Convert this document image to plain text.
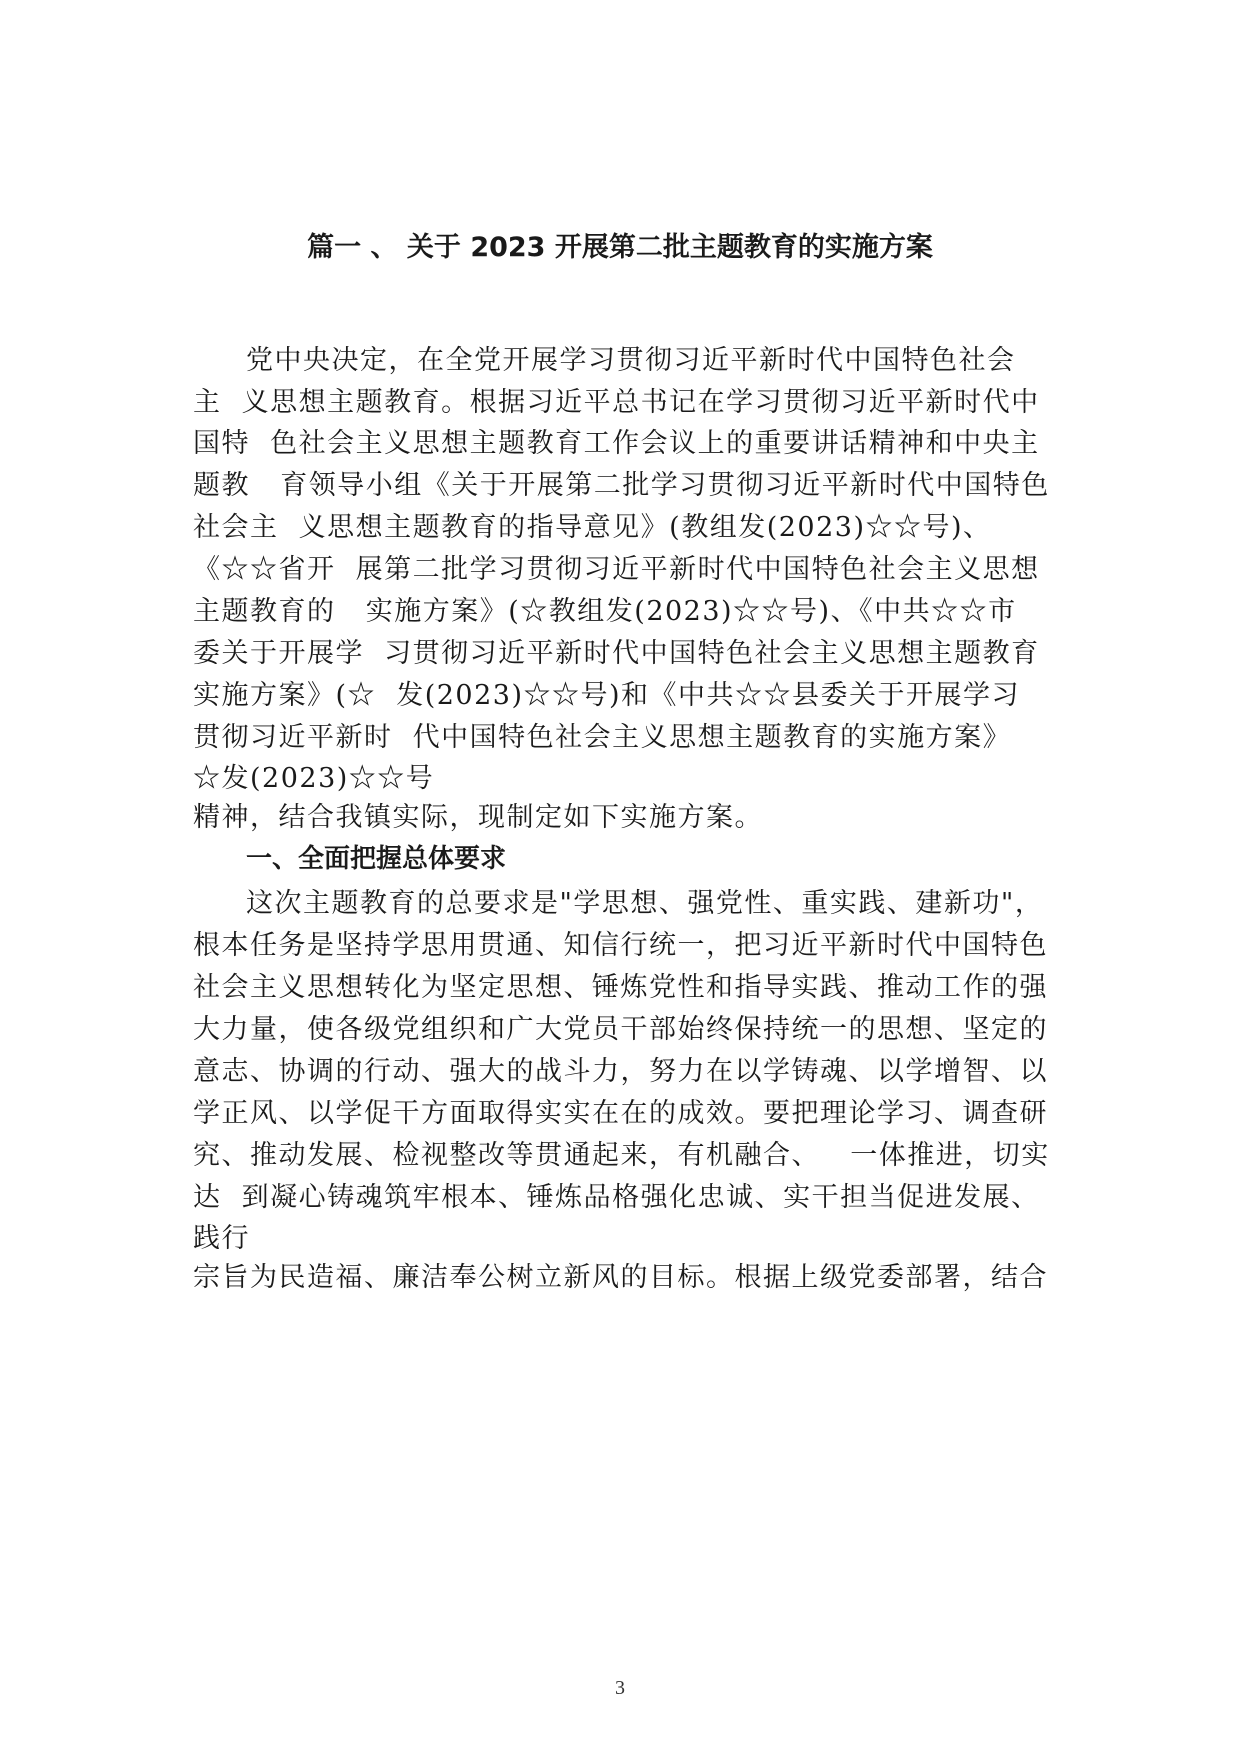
篇一 、 关于 2023 开展第二批主题教育的实施方案
党中央决定，在全党开展学习贯彻习近平新时代中国特色社会
主  义思想主题教育。根据习近平总书记在学习贯彻习近平新时代中
国特  色社会主义思想主题教育工作会议上的重要讲话精神和中央主
题教   育领导小组《关于开展第二批学习贯彻习近平新时代中国特色
社会主  义思想主题教育的指导意见》(教组发(2023)☆☆号)、
《☆☆省开  展第二批学习贯彻习近平新时代中国特色社会主义思想
主题教育的   实施方案》(☆教组发(2023)☆☆号)、《中共☆☆市
委关于开展学  习贯彻习近平新时代中国特色社会主义思想主题教育
实施方案》(☆  发(2023)☆☆号)和《中共☆☆县委关于开展学习
贯彻习近平新时  代中国特色社会主义思想主题教育的实施方案》
☆发(2023)☆☆号
精神，结合我镇实际，现制定如下实施方案。
一、全面把握总体要求
这次主题教育的总要求是"学思想、强党性、重实践、建新功"，
根本任务是坚持学思用贯通、知信行统一，把习近平新时代中国特色
社会主义思想转化为坚定思想、锤炼党性和指导实践、推动工作的强
大力量，使各级党组织和广大党员干部始终保持统一的思想、坚定的
意志、协调的行动、强大的战斗力，努力在以学铸魂、以学增智、以
学正风、以学促干方面取得实实在在的成效。要把理论学习、调查研
究、推动发展、检视整改等贯通起来，有机融合、   一体推进，切实
达  到凝心铸魂筑牢根本、锤炼品格强化忠诚、实干担当促进发展、
践行
宗旨为民造福、廉洁奉公树立新风的目标。根据上级党委部署，结合
3
